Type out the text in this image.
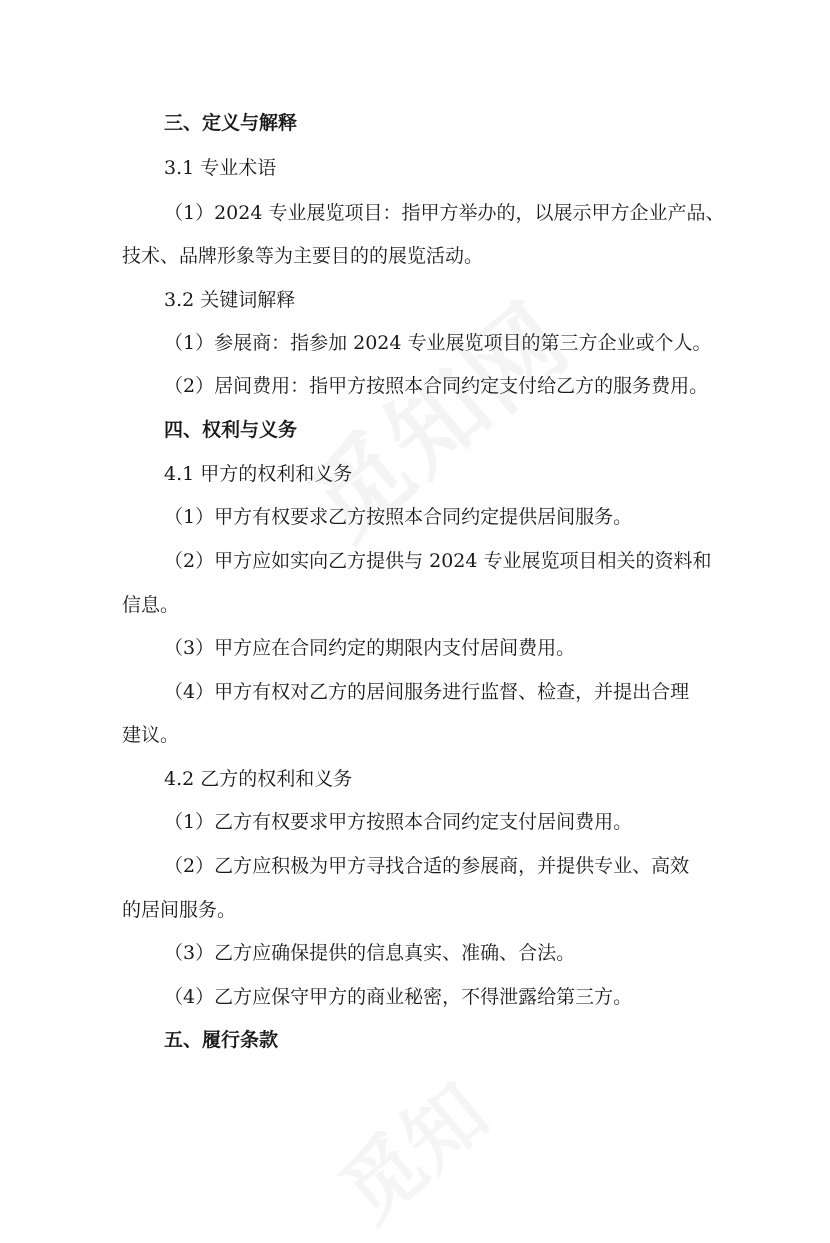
三、定义与解释
3.1 专业术语
（1）2024 专业展览项目：指甲方举办的，以展示甲方企业产品、
技术、品牌形象等为主要目的的展览活动。
3.2 关键词解释
（1）参展商：指参加 2024 专业展览项目的第三方企业或个人。
（2）居间费用：指甲方按照本合同约定支付给乙方的服务费用。
四、权利与义务
4.1 甲方的权利和义务
（1）甲方有权要求乙方按照本合同约定提供居间服务。
（2）甲方应如实向乙方提供与 2024 专业展览项目相关的资料和
信息。
（3）甲方应在合同约定的期限内支付居间费用。
（4）甲方有权对乙方的居间服务进行监督、检查，并提出合理
建议。
4.2 乙方的权利和义务
（1）乙方有权要求甲方按照本合同约定支付居间费用。
（2）乙方应积极为甲方寻找合适的参展商，并提供专业、高效
的居间服务。
（3）乙方应确保提供的信息真实、准确、合法。
（4）乙方应保守甲方的商业秘密，不得泄露给第三方。
五、履行条款
